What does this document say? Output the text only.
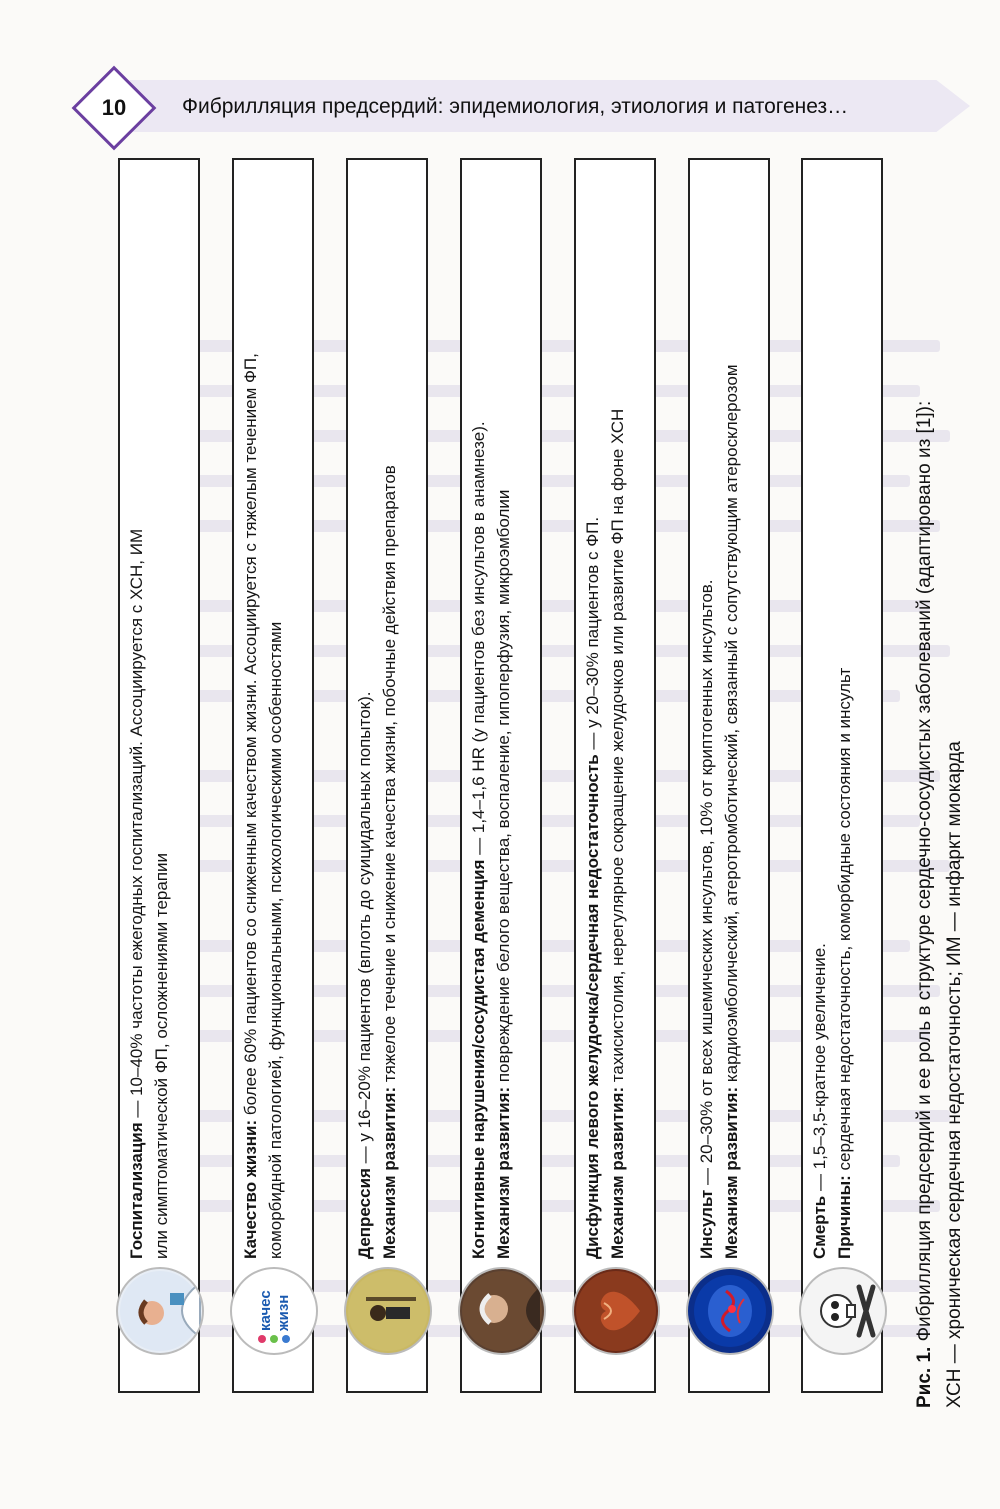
10	Фибрилляция предсердий: эпидемиология, этиология и патогенез…
Смерть — 1,5–3,5-кратное увеличение.
Причины: сердечная недостаточность, коморбидные состояния и инсульт
Инсульт — 20–30% от всех ишемических инсультов, 10% от криптогенных инсультов. Механизм развития: кардиоэмболический, атеротромботический, связанный с сопутствующим атеросклерозом
Дисфункция левого желудочка/сердечная недостаточность — у 20–30% пациентов с ФП.
Механизм развития: тахисистолия, нерегулярное сокращение желудочков или развитие ФП на фоне ХСН
Когнитивные нарушения/сосудистая деменция — 1,4–1,6 HR (у пациентов без инсультов в анамнезе).
Механизм развития: повреждение белого вещества, воспаление, гипоперфузия, микроэмболии
Депрессия — у 16–20% пациентов (вплоть до суицидальных попыток).
Механизм развития: тяжелое течение и снижение качества жизни, побочные действия препаратов
качес жизн
Качество жизни: более 60% пациентов со сниженным качеством жизни. Ассоциируется с тяжелым течением ФП, коморбидной патологией, функциональными, психологическими особенностями
Госпитализация — 10–40% частоты ежегодных госпитализаций. Ассоциируется с ХСН, ИМ или симптоматической ФП, осложнениями терапии
Рис. 1. Фибрилляция предсердий и ее роль в структуре сердечно-сосудистых заболеваний (адаптировано из [1]): ХСН — хроническая сердечная недостаточность; ИМ — инфаркт миокарда
